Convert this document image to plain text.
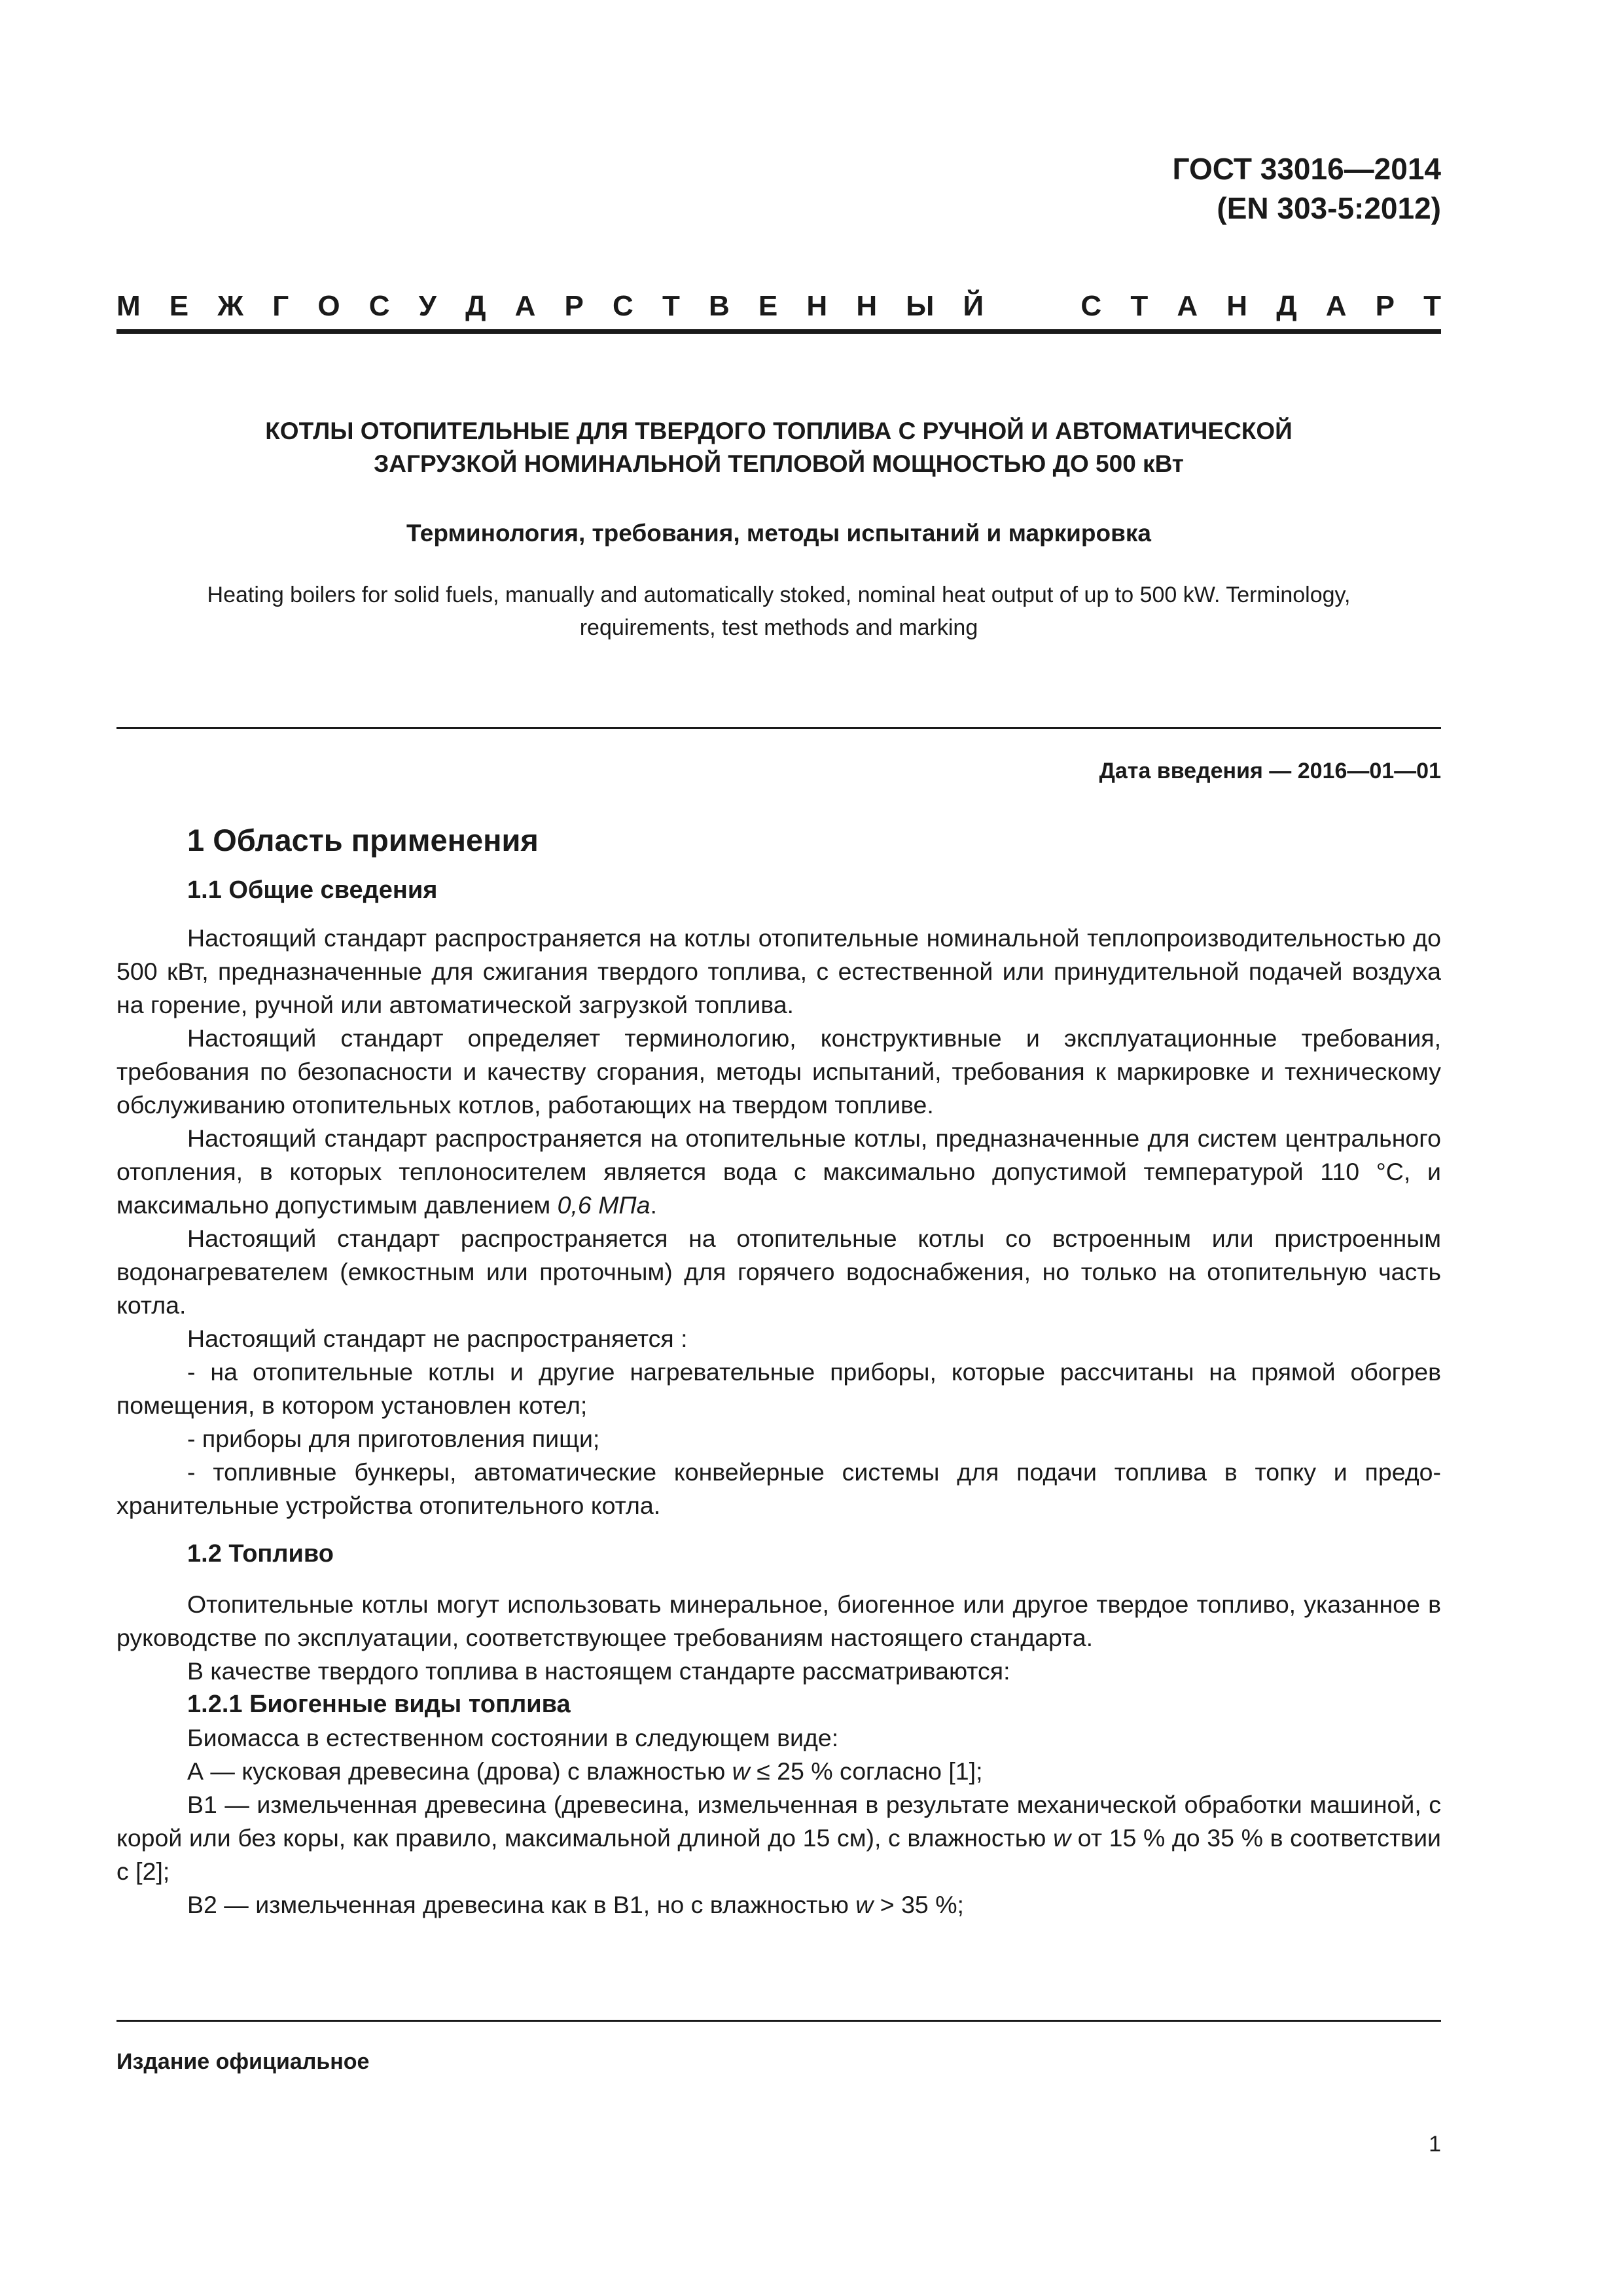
ГОСТ 33016—2014
(EN 303-5:2012)
М Е Ж Г О С У Д А Р С Т В Е Н Н Ы Й	С Т А Н Д А Р Т
КОТЛЫ ОТОПИТЕЛЬНЫЕ ДЛЯ ТВЕРДОГО ТОПЛИВА С РУЧНОЙ И АВТОМАТИЧЕСКОЙ
ЗАГРУЗКОЙ НОМИНАЛЬНОЙ ТЕПЛОВОЙ МОЩНОСТЬЮ ДО 500 кВт
Терминология, требования, методы испытаний и маркировка
Heating boilers for solid fuels, manually and automatically stoked, nominal heat output of up to 500 kW. Terminology,
requirements, test methods and marking
Дата введения — 2016—01—01
1 Область применения
1.1 Общие сведения

Настоящий стандарт распространяется на котлы отопительные номинальной теплопроизводительностью до 500 кВт, предназначенные для сжигания твердого топлива, с естественной или принудительной подачей воздуха на горение, ручной или автоматической загрузкой топлива.

Настоящий стандарт определяет терминологию, конструктивные и эксплуатационные требования, требования по безопасности и качеству сгорания, методы испытаний, требования к маркировке и техническому обслуживанию отопительных котлов, работающих на твердом топливе.

Настоящий стандарт распространяется на отопительные котлы, предназначенные для систем центрального отопления, в которых теплоносителем является вода с максимально допустимой температурой 110 °С, и максимально допустимым давлением 0,6 МПа.

Настоящий стандарт распространяется на отопительные котлы со встроенным или пристроенным водонагревателем (емкостным или проточным) для горячего водоснабжения, но только на отопительную часть котла.

Настоящий стандарт не распространяется :

- на отопительные котлы и другие нагревательные приборы, которые рассчитаны на прямой обогрев помещения, в котором установлен котел;

- приборы для приготовления пищи;

- топливные бункеры, автоматические конвейерные системы для подачи топлива в топку и предохранительные устройства отопительного котла.

1.2 Топливо

Отопительные котлы могут использовать минеральное, биогенное или другое твердое топливо, указанное в руководстве по эксплуатации, соответствующее требованиям настоящего стандарта.

В качестве твердого топлива в настоящем стандарте рассматриваются:

1.2.1 Биогенные виды топлива

Биомасса в естественном состоянии в следующем виде:

А — кусковая древесина (дрова) с влажностью w ≤ 25 % согласно [1];

В1 — измельченная древесина (древесина, измельченная в результате механической обработки машиной, с корой или без коры, как правило, максимальной длиной до 15 см), с влажностью w от 15 % до 35 % в соответствии с [2];

В2 — измельченная древесина как в В1, но с влажностью w > 35 %;

Издание официальное
1
